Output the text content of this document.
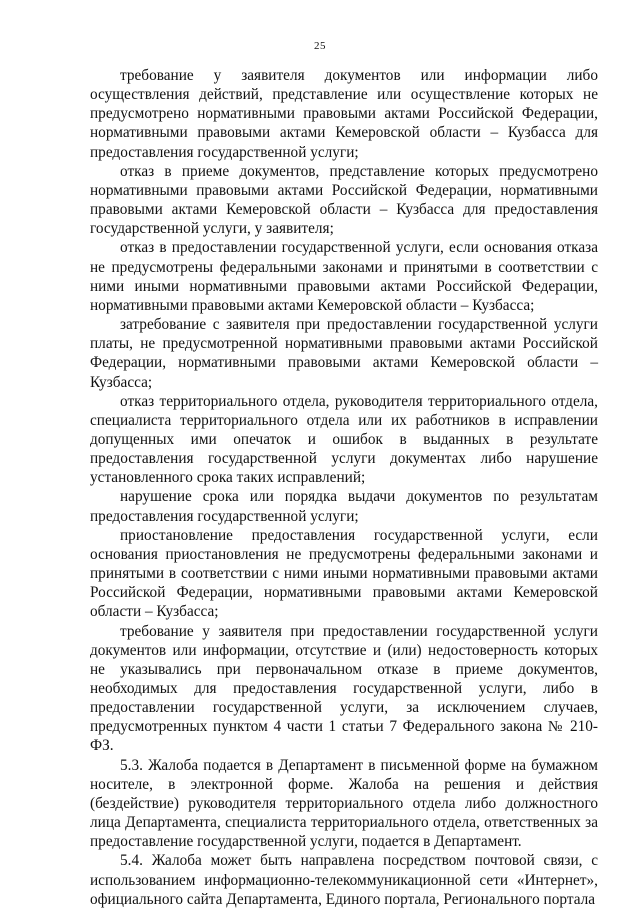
25

требование у заявителя документов или информации либо осуществления действий, представление или осуществление которых не предусмотрено нормативными правовыми актами Российской Федерации, нормативными правовыми актами Кемеровской области – Кузбасса для предоставления государственной услуги;

отказ в приеме документов, представление которых предусмотрено нормативными правовыми актами Российской Федерации, нормативными правовыми актами Кемеровской области – Кузбасса для предоставления государственной услуги, у заявителя;

отказ в предоставлении государственной услуги, если основания отказа не предусмотрены федеральными законами и принятыми в соответствии с ними иными нормативными правовыми актами Российской Федерации, нормативными правовыми актами Кемеровской области – Кузбасса;

затребование с заявителя при предоставлении государственной услуги платы, не предусмотренной нормативными правовыми актами Российской Федерации, нормативными правовыми актами Кемеровской области – Кузбасса;

отказ территориального отдела, руководителя территориального отдела, специалиста территориального отдела или их работников в исправлении допущенных ими опечаток и ошибок в выданных в результате предоставления государственной услуги документах либо нарушение установленного срока таких исправлений;

нарушение срока или порядка выдачи документов по результатам предоставления государственной услуги;

приостановление предоставления государственной услуги, если основания приостановления не предусмотрены федеральными законами и принятыми в соответствии с ними иными нормативными правовыми актами Российской Федерации, нормативными правовыми актами Кемеровской области – Кузбасса;

требование у заявителя при предоставлении государственной услуги документов или информации, отсутствие и (или) недостоверность которых не указывались при первоначальном отказе в приеме документов, необходимых для предоставления государственной услуги, либо в предоставлении государственной услуги, за исключением случаев, предусмотренных пунктом 4 части 1 статьи 7 Федерального закона № 210-ФЗ.

5.3. Жалоба подается в Департамент в письменной форме на бумажном носителе, в электронной форме. Жалоба на решения и действия (бездействие) руководителя территориального отдела либо должностного лица Департамента, специалиста территориального отдела, ответственных за предоставление государственной услуги, подается в Департамент.

5.4. Жалоба может быть направлена посредством почтовой связи, с использованием информационно-телекоммуникационной сети «Интернет», официального сайта Департамента, Единого портала, Регионального портала
